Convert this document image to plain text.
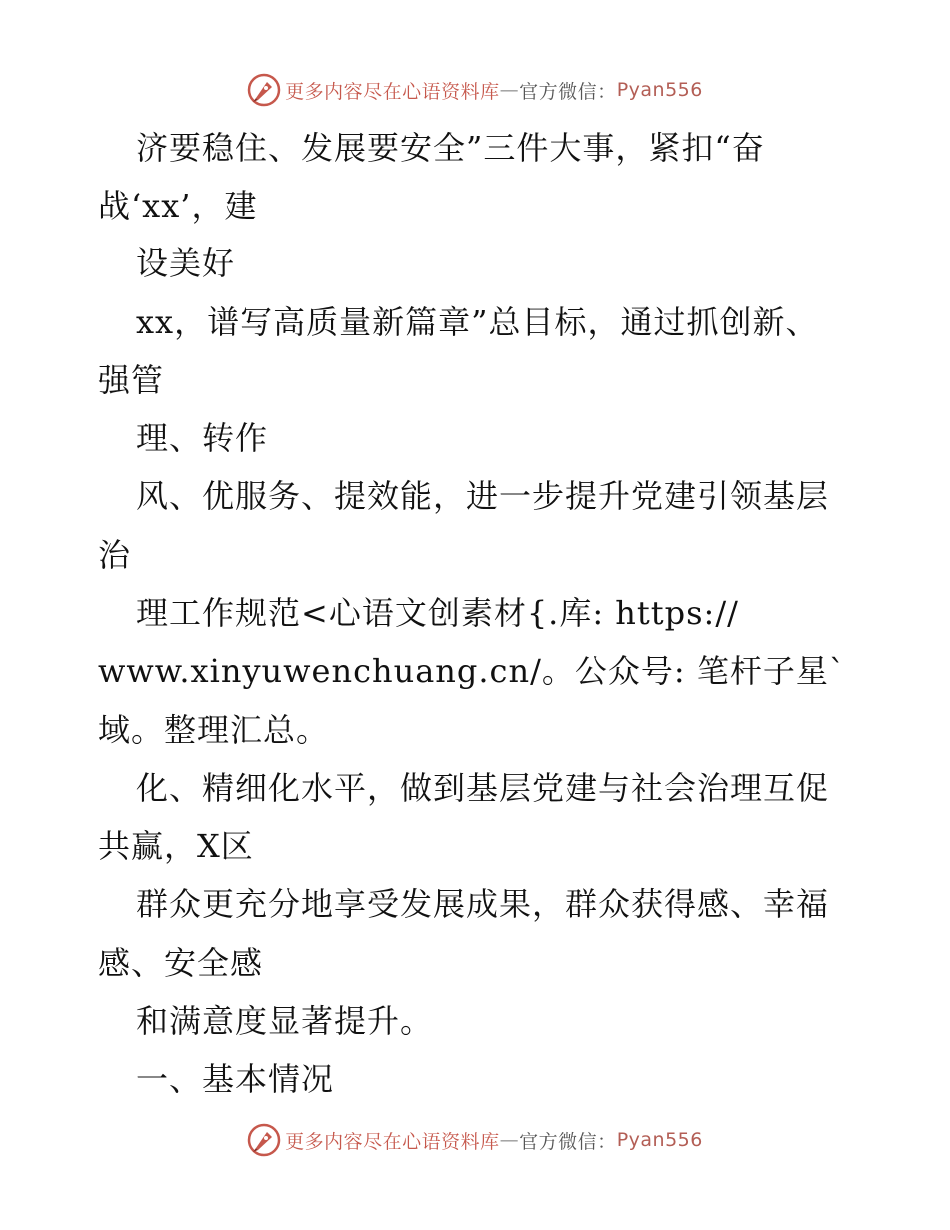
更多内容尽在心语资料库 — 官方微信： Pyan556
济要稳住、发展要安全”三件大事，紧扣“奋
战‘xx’，建
设美好
xx，谱写高质量新篇章”总目标，通过抓创新、
强管
理、转作
风、优服务、提效能，进一步提升党建引领基层
治
理工作规范<心语文创素材{.库: https://
www.xinyuwenchuang.cn/。公众号: 笔杆子星`
域。整理汇总。
化、精细化水平，做到基层党建与社会治理互促
共赢，X区
群众更充分地享受发展成果，群众获得感、幸福
感、安全感
和满意度显著提升。
一、基本情况
更多内容尽在心语资料库 — 官方微信： Pyan556
